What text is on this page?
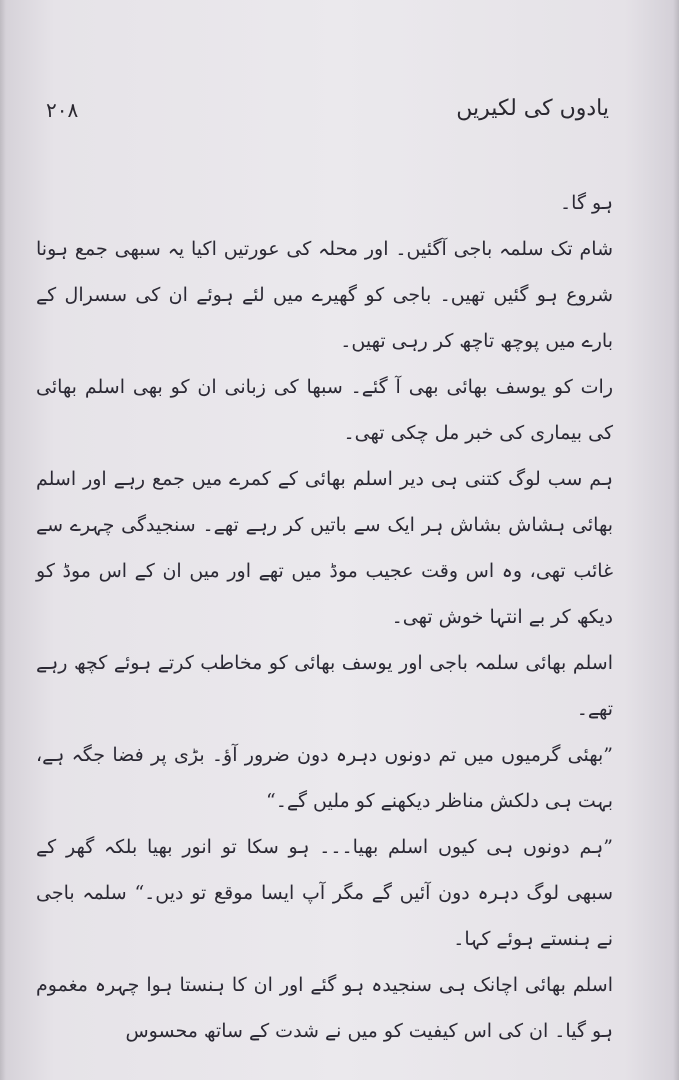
۲۰۸	یادوں کی لکیریں

ہو گا۔

شام تک سلمہ باجی آگئیں۔ اور محلہ کی عورتیں اکیا یہ سبھی جمع ہونا شروع ہو گئیں تھیں۔ باجی کو گھیرے میں لئے ہوئے ان کی سسرال کے بارے میں پوچھ تاچھ کر رہی تھیں۔

رات کو یوسف بھائی بھی آ گئے۔ سبھا کی زبانی ان کو بھی اسلم بھائی کی بیماری کی خبر مل چکی تھی۔

ہم سب لوگ کتنی ہی دیر اسلم بھائی کے کمرے میں جمع رہے اور اسلم بھائی ہشاش بشاش ہر ایک سے باتیں کر رہے تھے۔ سنجیدگی چہرے سے غائب تھی، وہ اس وقت عجیب موڈ میں تھے اور میں ان کے اس موڈ کو دیکھ کر بے انتہا خوش تھی۔

اسلم بھائی سلمہ باجی اور یوسف بھائی کو مخاطب کرتے ہوئے کچھ رہے تھے۔

”بھئی گرمیوں میں تم دونوں دہرہ دون ضرور آؤ۔ بڑی پر فضا جگہ ہے، بہت ہی دلکش مناظر دیکھنے کو ملیں گے۔“

”ہم دونوں ہی کیوں اسلم بھیا۔۔۔ ہو سکا تو انور بھیا بلکہ گھر کے سبھی لوگ دہرہ دون آئیں گے مگر آپ ایسا موقع تو دیں۔“ سلمہ باجی نے ہنستے ہوئے کہا۔

اسلم بھائی اچانک ہی سنجیدہ ہو گئے اور ان کا ہنستا ہوا چہرہ مغموم ہو گیا۔ ان کی اس کیفیت کو میں نے شدت کے ساتھ محسوس
